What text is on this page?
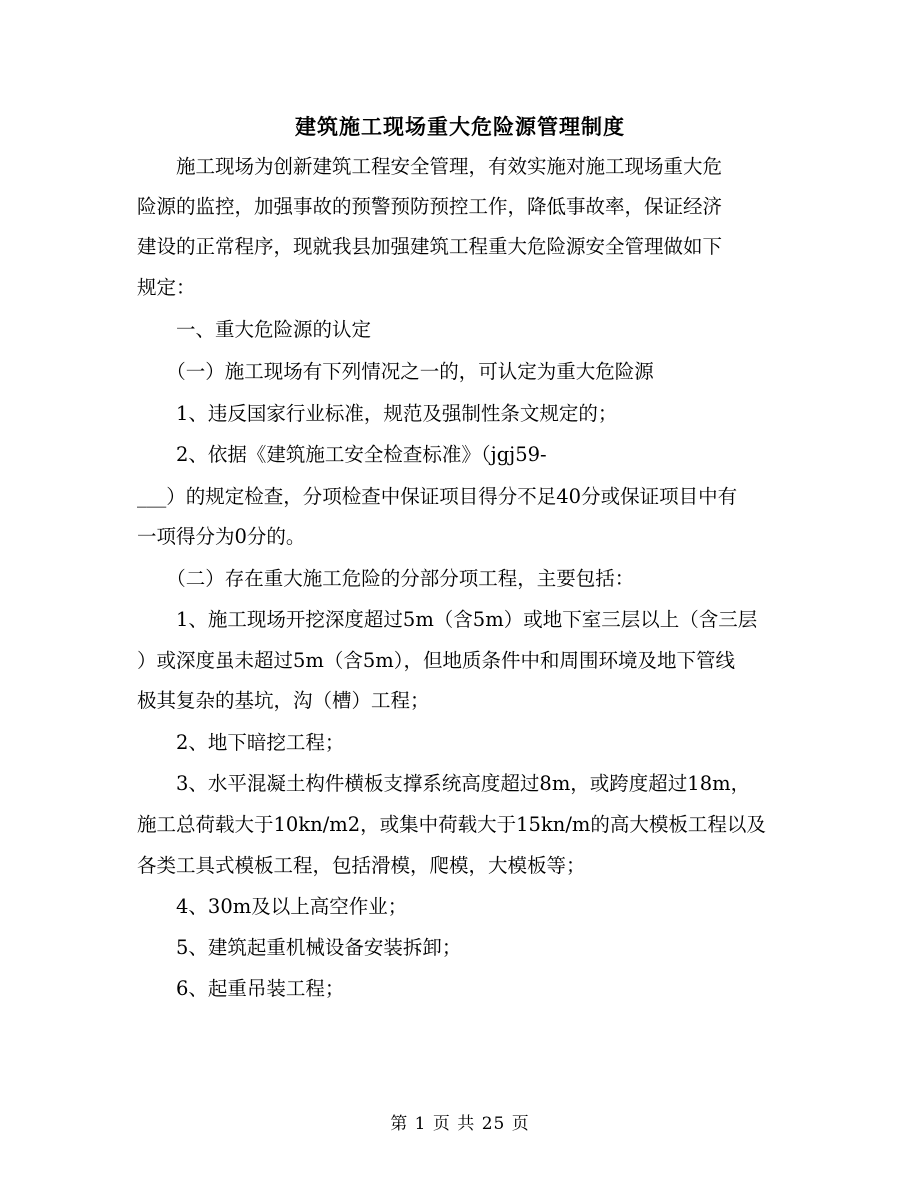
建筑施工现场重大危险源管理制度
　　施工现场为创新建筑工程安全管理，有效实施对施工现场重大危
险源的监控，加强事故的预警预防预控工作，降低事故率，保证经济
建设的正常程序，现就我县加强建筑工程重大危险源安全管理做如下
规定：
　　一、重大危险源的认定
　　（一）施工现场有下列情况之一的，可认定为重大危险源
　　1、违反国家行业标准，规范及强制性条文规定的；
　　2、依据《建筑施工安全检查标准》（jgj59-
___）的规定检查，分项检查中保证项目得分不足40分或保证项目中有
一项得分为0分的。
　　（二）存在重大施工危险的分部分项工程，主要包括：
　　1、施工现场开挖深度超过5m（含5m）或地下室三层以上（含三层
）或深度虽未超过5m（含5m），但地质条件中和周围环境及地下管线
极其复杂的基坑，沟（槽）工程；
　　2、地下暗挖工程；
　　3、水平混凝土构件横板支撑系统高度超过8m，或跨度超过18m，
施工总荷载大于10kn/m2，或集中荷载大于15kn/m的高大模板工程以及
各类工具式模板工程，包括滑模，爬模，大模板等；
　　4、30m及以上高空作业；
　　5、建筑起重机械设备安装拆卸；
　　6、起重吊装工程；
第 1 页 共 25 页
